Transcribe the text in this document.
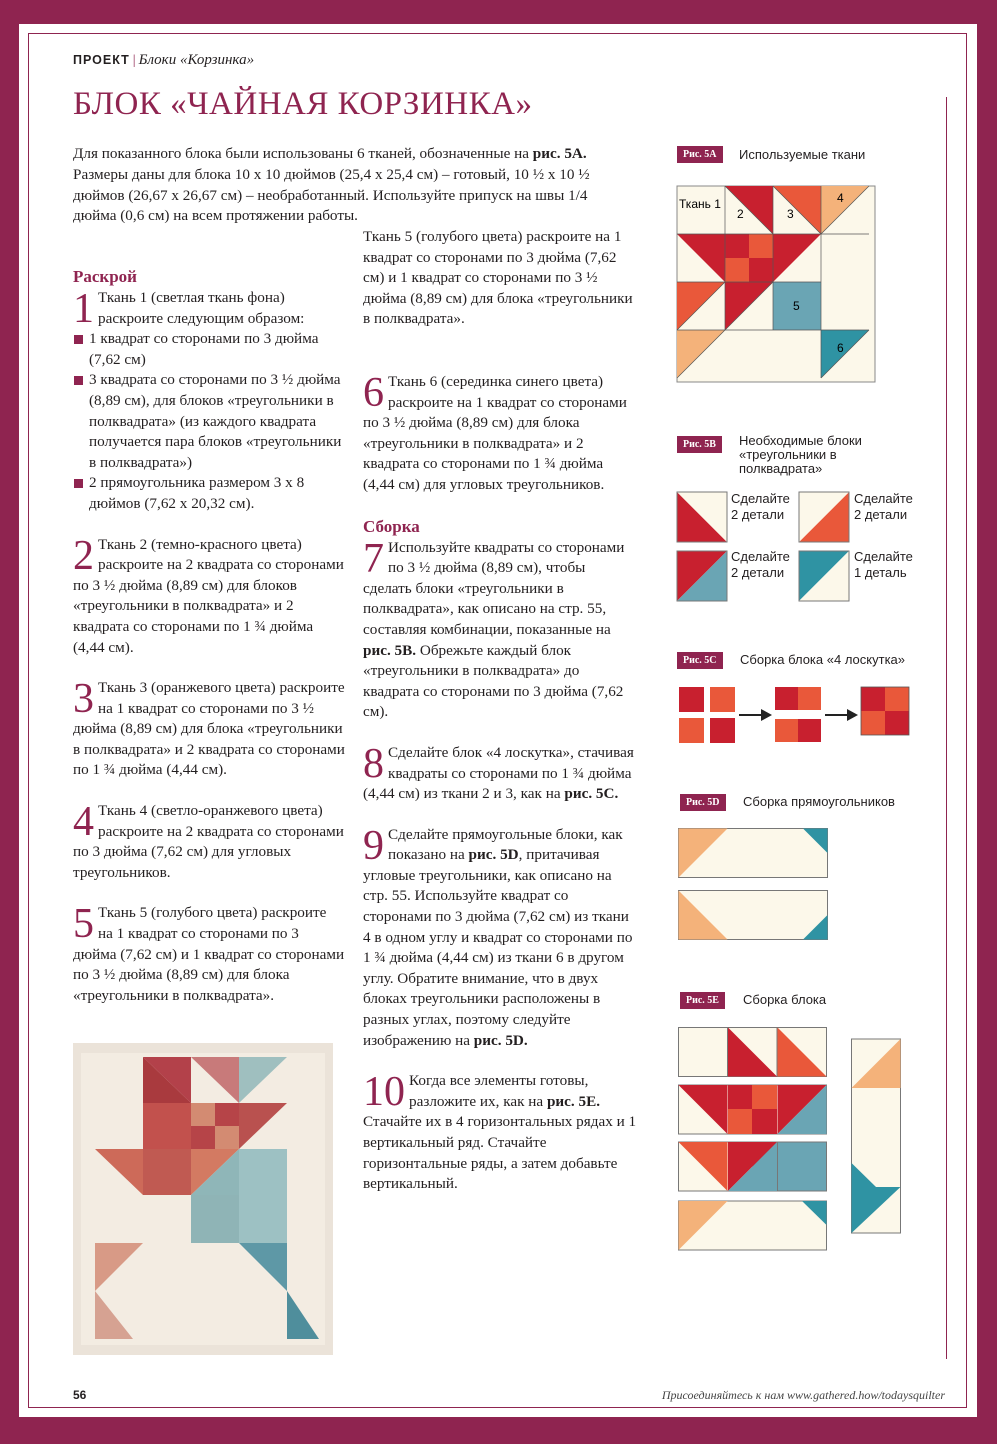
ПРОЕКТ | Блоки «Корзинка»
БЛОК «ЧАЙНАЯ КОРЗИНКА»
Для показанного блока были использованы 6 тканей, обозначенные на рис. 5А. Размеры даны для блока 10 x 10 дюймов (25,4 x 25,4 см) – готовый, 10 ½ x 10 ½ дюймов (26,67 x 26,67 см) – необработанный. Используйте припуск на швы 1/4 дюйма (0,6 см) на всем протяжении работы.

Раскрой

1 Ткань 1 (светлая ткань фона) раскроите следующим образом:

1 квадрат со сторонами по 3 дюйма (7,62 см)

3 квадрата со сторонами по 3 ½ дюйма (8,89 см), для блоков «треугольники в полквадрата» (из каждого квадрата получается пара блоков «треугольники в полквадрата»)

2 прямоугольника размером 3 x 8 дюймов (7,62 x 20,32 см).

2 Ткань 2 (темно-красного цвета) раскроите на 2 квадрата со сторонами по 3 ½ дюйма (8,89 см) для блоков «треугольники в полквадрата» и 2 квадрата со сторонами по 1 ¾ дюйма (4,44 см).

3 Ткань 3 (оранжевого цвета) раскроите на 1 квадрат со сторонами по 3 ½ дюйма (8,89 см) для блока «треугольники в полквадрата» и 2 квадрата со сторонами по 1 ¾ дюйма (4,44 см).

4 Ткань 4 (светло-оранжевого цвета) раскроите на 2 квадрата со сторонами по 3 дюйма (7,62 см) для угловых треугольников.

5 Ткань 5 (голубого цвета) раскроите на 1 квадрат со сторонами по 3 дюйма (7,62 см) и 1 квадрат со сторонами по 3 ½ дюйма (8,89 см) для блока «треугольники в полквадрата».

Ткань 5 (голубого цвета) раскроите на 1 квадрат со сторонами по 3 дюйма (7,62 см) и 1 квадрат со сторонами по 3 ½ дюйма (8,89 см) для блока «треугольники в полквадрата».

6 Ткань 6 (серединка синего цвета) раскроите на 1 квадрат со сторонами по 3 ½ дюйма (8,89 см) для блока «треугольники в полквадрата» и 2 квадрата со сторонами по 1 ¾ дюйма (4,44 см) для угловых треугольников.

Сборка

7 Используйте квадраты со сторонами по 3 ½ дюйма (8,89 см), чтобы сделать блоки «треугольники в полквадрата», как описано на стр. 55, составляя комбинации, показанные на рис. 5В. Обрежьте каждый блок «треугольники в полквадрата» до квадрата со сторонами по 3 дюйма (7,62 см).

8 Сделайте блок «4 лоскутка», стачивая квадраты со сторонами по 1 ¾ дюйма (4,44 см) из ткани 2 и 3, как на рис. 5С.

9 Сделайте прямоугольные блоки, как показано на рис. 5D, притачивая угловые треугольники, как описано на стр. 55. Используйте квадрат со сторонами по 3 дюйма (7,62 см) из ткани 4 в одном углу и квадрат со сторонами по 1 ¾ дюйма (4,44 см) из ткани 6 в другом углу. Обратите внимание, что в двух блоках треугольники расположены в разных углах, поэтому следуйте изображению на рис. 5D.

10 Когда все элементы готовы, разложите их, как на рис. 5Е. Стачайте их в 4 горизонтальных рядах и 1 вертикальный ряд. Стачайте горизонтальные ряды, а затем добавьте вертикальный.

Рис. 5А	Используемые ткани
Ткань 1
2	3
4
5
6
Рис. 5В	Необходимые блоки «треугольники в полквадрата»
Сделайте
2 детали
Сделайте
2 детали
Сделайте
2 детали
Сделайте
1 деталь
Рис. 5С	Сборка блока «4 лоскутка»
Рис. 5D	Сборка прямоугольников
Рис. 5Е	Сборка блока
56	Присоединяйтесь к нам www.gathered.how/todaysquilter
